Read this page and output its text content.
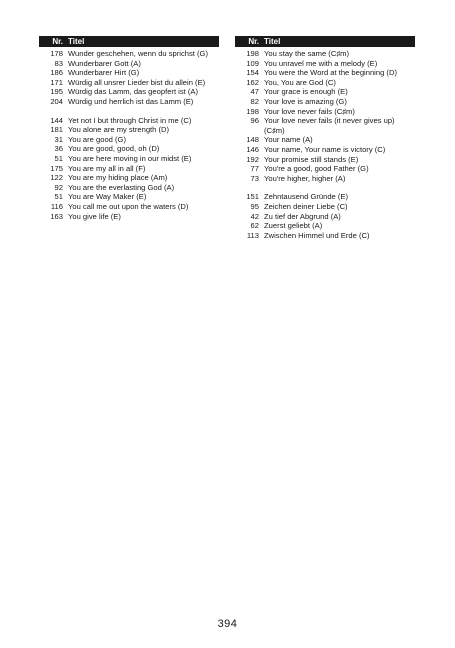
Nr. Titel
178 Wunder geschehen, wenn du sprichst (G)
83 Wunderbarer Gott (A)
186 Wunderbarer Hirt (G)
171 Würdig all unsrer Lieder bist du allein (E)
195 Würdig das Lamm, das geopfert ist (A)
204 Würdig und herrlich ist das Lamm (E)
144 Yet not I but through Christ in me (C)
181 You alone are my strength (D)
31 You are good (G)
36 You are good, good, oh (D)
51 You are here moving in our midst (E)
175 You are my all in all (F)
122 You are my hiding place (Am)
92 You are the everlasting God (A)
51 You are Way Maker (E)
116 You call me out upon the waters (D)
163 You give life (E)
Nr. Titel
198 You stay the same (C♯m)
109 You unravel me with a melody (E)
154 You were the Word at the beginning (D)
162 You, You are God (C)
47 Your grace is enough (E)
82 Your love is amazing (G)
198 Your love never fails (C♯m)
96 Your love never fails (it never gives up) (C♯m)
148 Your name (A)
146 Your name, Your name is victory (C)
192 Your promise still stands (E)
77 You're a good, good Father (G)
73 You're higher, higher (A)
151 Zehntausend Gründe (E)
95 Zeichen deiner Liebe (C)
42 Zu tief der Abgrund (A)
62 Zuerst geliebt (A)
113 Zwischen Himmel und Erde (C)
394
